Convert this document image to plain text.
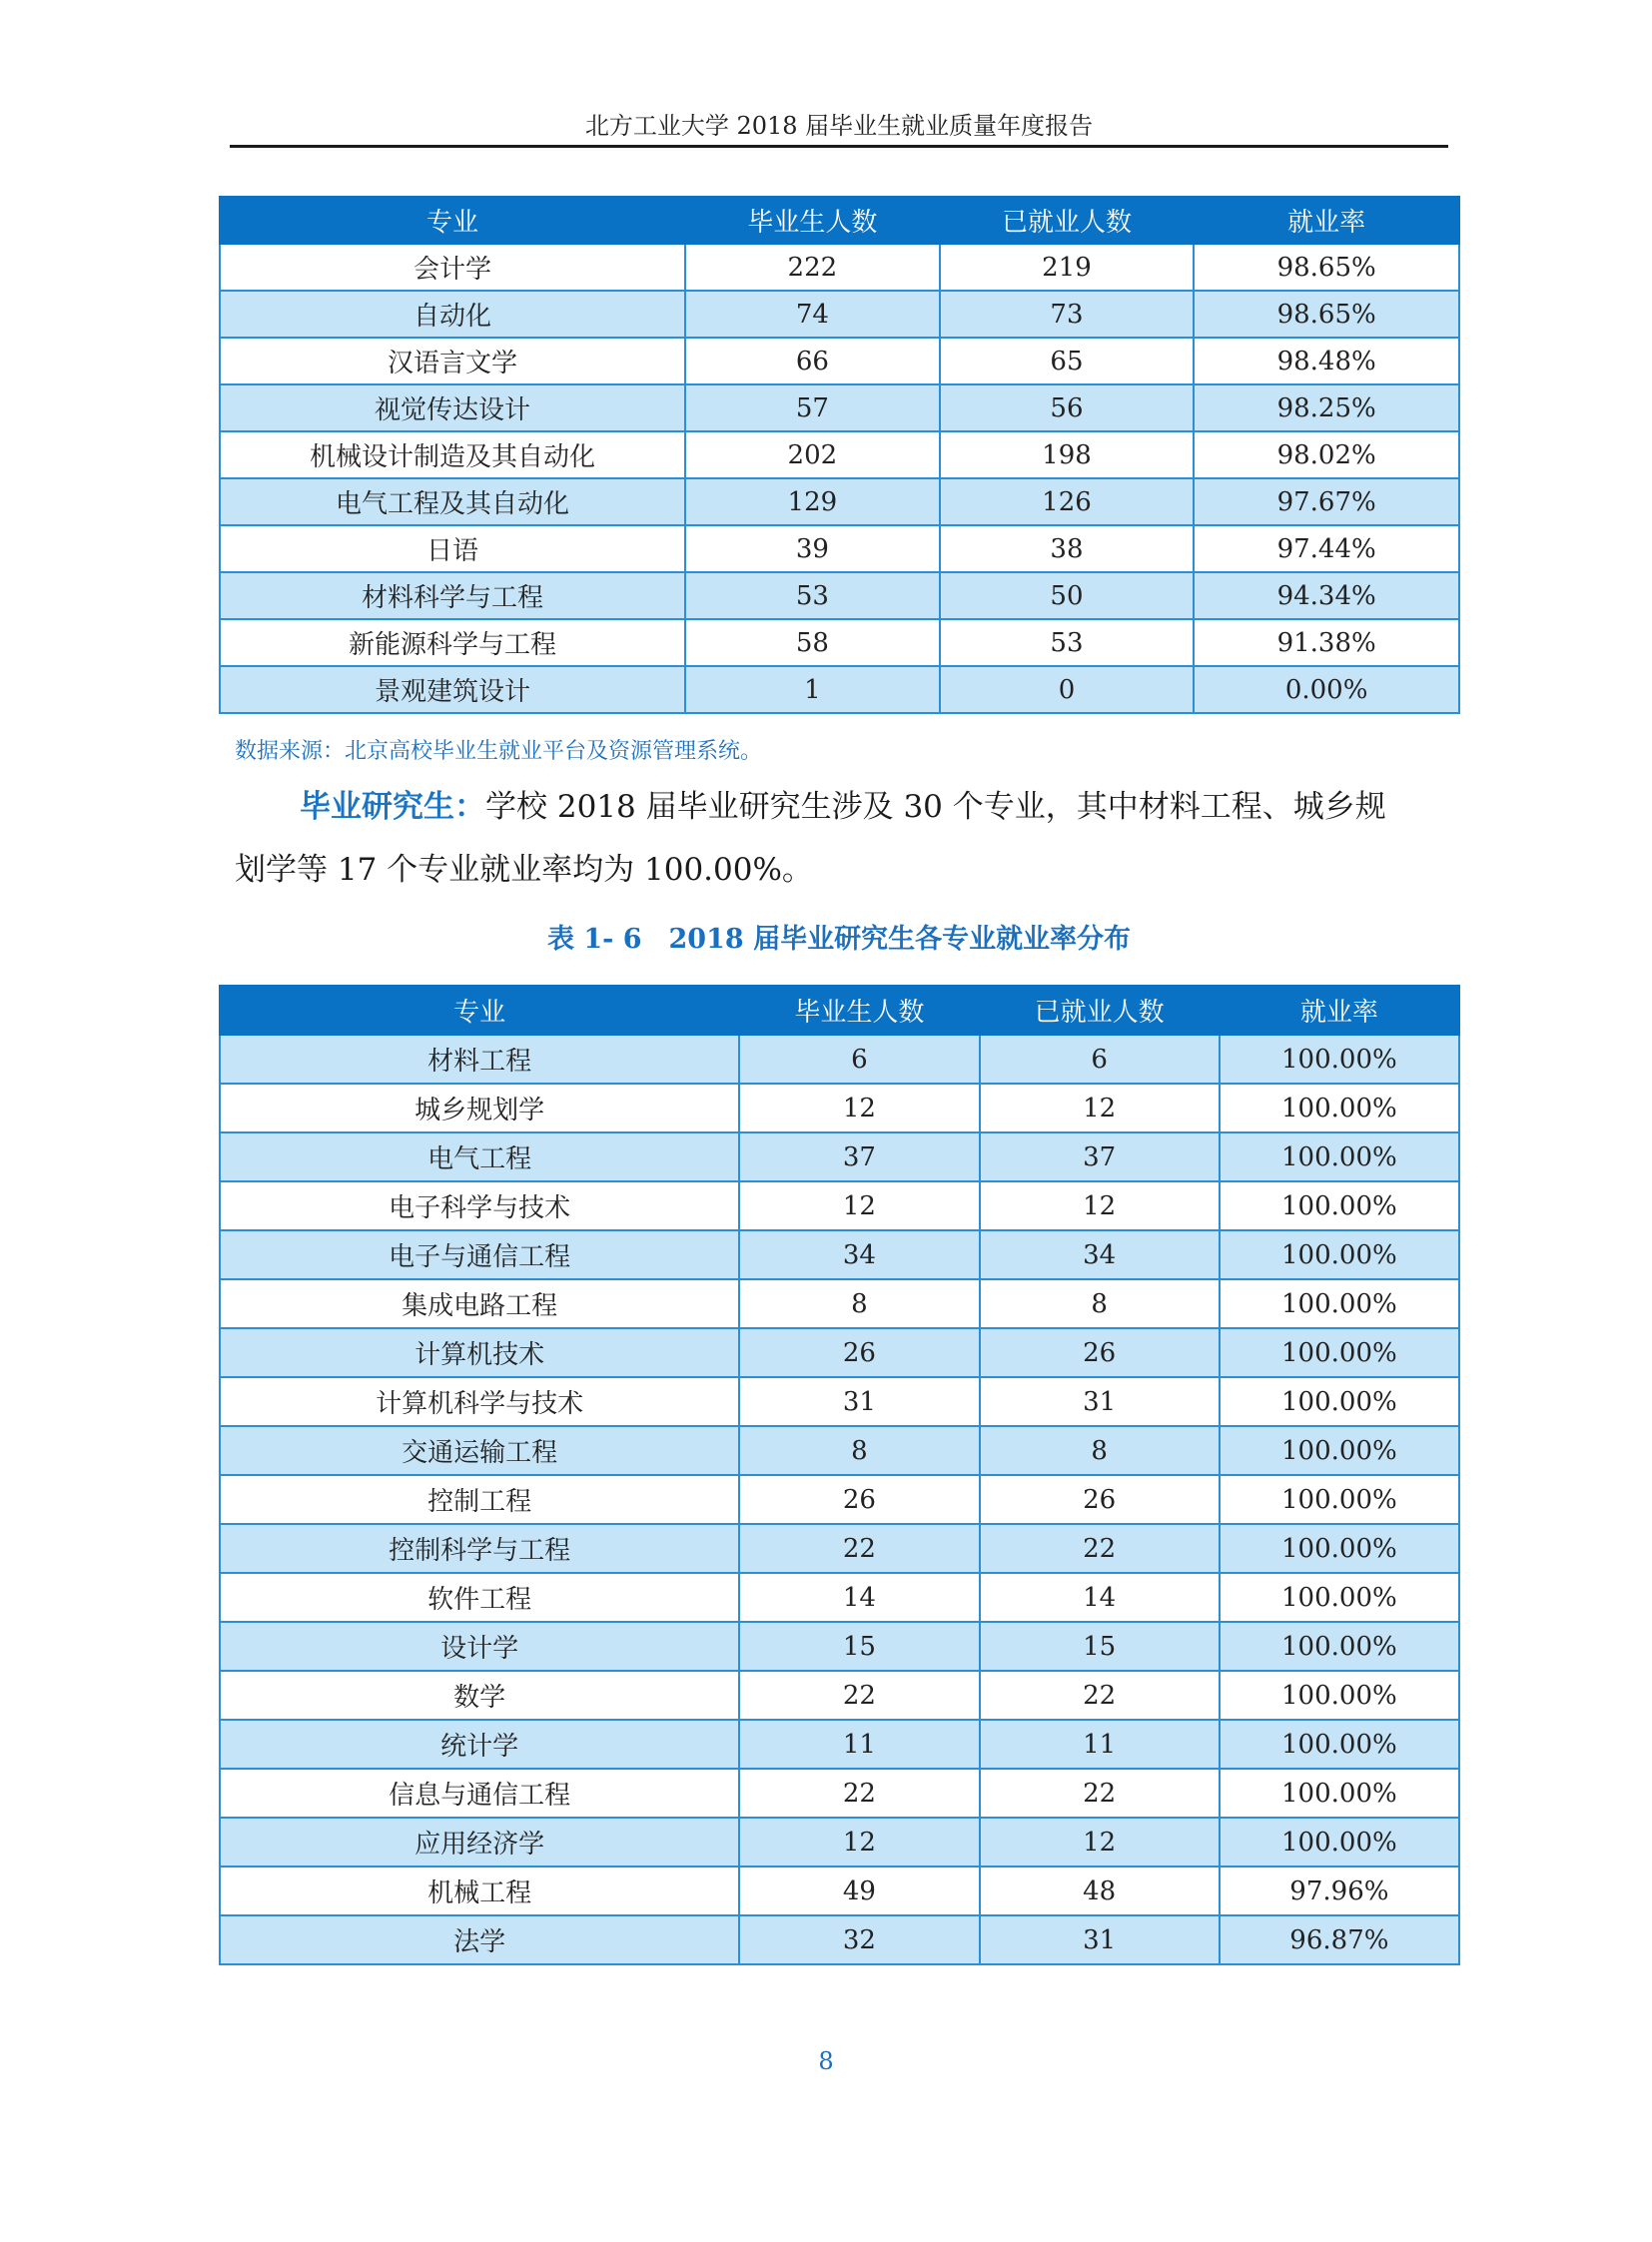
北方工业大学 2018 届毕业生就业质量年度报告
专业	毕业生人数	已就业人数	就业率
会计学	222	219	98.65%
自动化	74	73	98.65%
汉语言文学	66	65	98.48%
视觉传达设计	57	56	98.25%
机械设计制造及其自动化	202	198	98.02%
电气工程及其自动化	129	126	97.67%
日语	39	38	97.44%
材料科学与工程	53	50	94.34%
新能源科学与工程	58	53	91.38%
景观建筑设计	1	0	0.00%
数据来源：北京高校毕业生就业平台及资源管理系统。
毕业研究生：学校 2018 届毕业研究生涉及 30 个专业，其中材料工程、城乡规
划学等 17 个专业就业率均为 100.00%。
表 1- 6　2018 届毕业研究生各专业就业率分布
专业	毕业生人数	已就业人数	就业率
材料工程	6	6	100.00%
城乡规划学	12	12	100.00%
电气工程	37	37	100.00%
电子科学与技术	12	12	100.00%
电子与通信工程	34	34	100.00%
集成电路工程	8	8	100.00%
计算机技术	26	26	100.00%
计算机科学与技术	31	31	100.00%
交通运输工程	8	8	100.00%
控制工程	26	26	100.00%
控制科学与工程	22	22	100.00%
软件工程	14	14	100.00%
设计学	15	15	100.00%
数学	22	22	100.00%
统计学	11	11	100.00%
信息与通信工程	22	22	100.00%
应用经济学	12	12	100.00%
机械工程	49	48	97.96%
法学	32	31	96.87%
8
